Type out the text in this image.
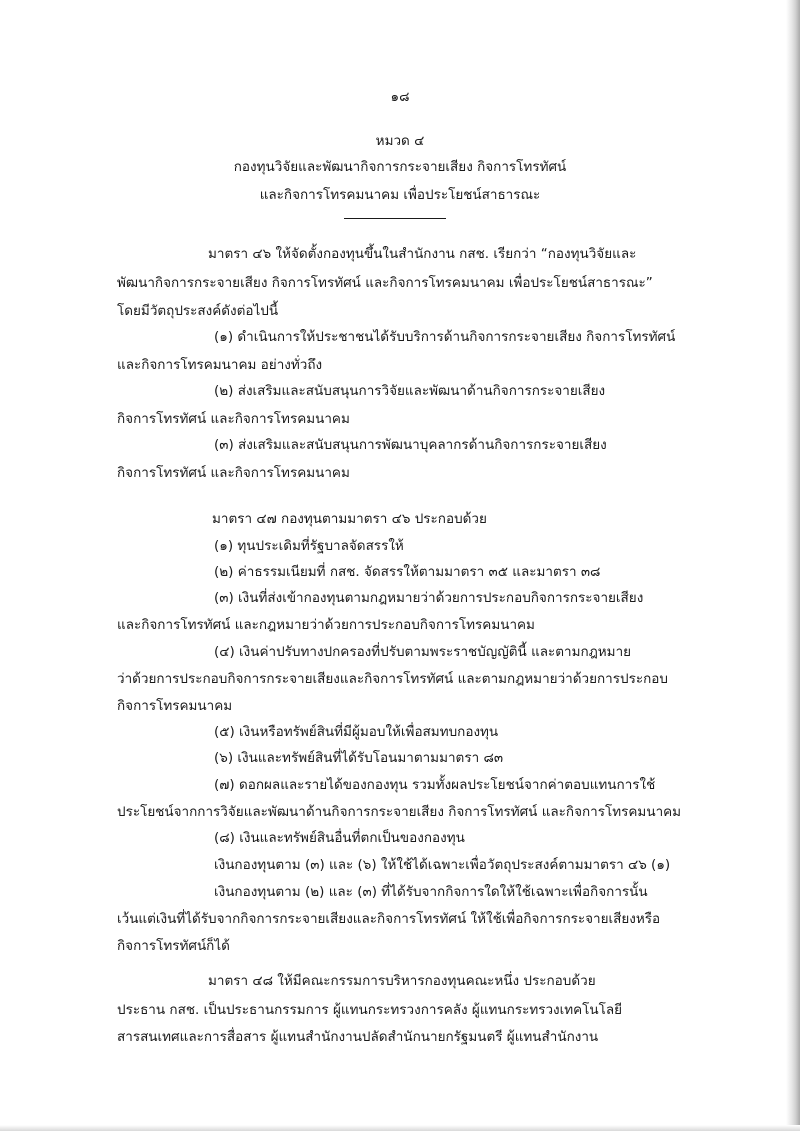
๑๘
หมวด ๔
กองทุนวิจัยและพัฒนากิจการกระจายเสียง กิจการโทรทัศน์
และกิจการโทรคมนาคม เพื่อประโยชน์สาธารณะ
มาตรา ๔๖ ให้จัดตั้งกองทุนขึ้นในสำนักงาน กสช. เรียกว่า “กองทุนวิจัยและ
พัฒนากิจการกระจายเสียง กิจการโทรทัศน์ และกิจการโทรคมนาคม เพื่อประโยชน์สาธารณะ”
โดยมีวัตถุประสงค์ดังต่อไปนี้
(๑) ดำเนินการให้ประชาชนได้รับบริการด้านกิจการกระจายเสียง กิจการโทรทัศน์
และกิจการโทรคมนาคม อย่างทั่วถึง
(๒) ส่งเสริมและสนับสนุนการวิจัยและพัฒนาด้านกิจการกระจายเสียง
กิจการโทรทัศน์ และกิจการโทรคมนาคม
(๓) ส่งเสริมและสนับสนุนการพัฒนาบุคลากรด้านกิจการกระจายเสียง
กิจการโทรทัศน์ และกิจการโทรคมนาคม
มาตรา ๔๗ กองทุนตามมาตรา ๔๖ ประกอบด้วย
(๑) ทุนประเดิมที่รัฐบาลจัดสรรให้
(๒) ค่าธรรมเนียมที่ กสช. จัดสรรให้ตามมาตรา ๓๕ และมาตรา ๓๘
(๓) เงินที่ส่งเข้ากองทุนตามกฎหมายว่าด้วยการประกอบกิจการกระจายเสียง
และกิจการโทรทัศน์ และกฎหมายว่าด้วยการประกอบกิจการโทรคมนาคม
(๔) เงินค่าปรับทางปกครองที่ปรับตามพระราชบัญญัตินี้ และตามกฎหมาย
ว่าด้วยการประกอบกิจการกระจายเสียงและกิจการโทรทัศน์ และตามกฎหมายว่าด้วยการประกอบ
กิจการโทรคมนาคม
(๕) เงินหรือทรัพย์สินที่มีผู้มอบให้เพื่อสมทบกองทุน
(๖) เงินและทรัพย์สินที่ได้รับโอนมาตามมาตรา ๘๓
(๗) ดอกผลและรายได้ของกองทุน รวมทั้งผลประโยชน์จากค่าตอบแทนการใช้
ประโยชน์จากการวิจัยและพัฒนาด้านกิจการกระจายเสียง กิจการโทรทัศน์ และกิจการโทรคมนาคม
(๘) เงินและทรัพย์สินอื่นที่ตกเป็นของกองทุน
เงินกองทุนตาม (๓) และ (๖) ให้ใช้ได้เฉพาะเพื่อวัตถุประสงค์ตามมาตรา ๔๖ (๑)
เงินกองทุนตาม (๒) และ (๓) ที่ได้รับจากกิจการใดให้ใช้เฉพาะเพื่อกิจการนั้น
เว้นแต่เงินที่ได้รับจากกิจการกระจายเสียงและกิจการโทรทัศน์ ให้ใช้เพื่อกิจการกระจายเสียงหรือ
กิจการโทรทัศน์ก็ได้
มาตรา ๔๘ ให้มีคณะกรรมการบริหารกองทุนคณะหนึ่ง ประกอบด้วย
ประธาน กสช. เป็นประธานกรรมการ ผู้แทนกระทรวงการคลัง ผู้แทนกระทรวงเทคโนโลยี
สารสนเทศและการสื่อสาร ผู้แทนสำนักงานปลัดสำนักนายกรัฐมนตรี ผู้แทนสำนักงาน
